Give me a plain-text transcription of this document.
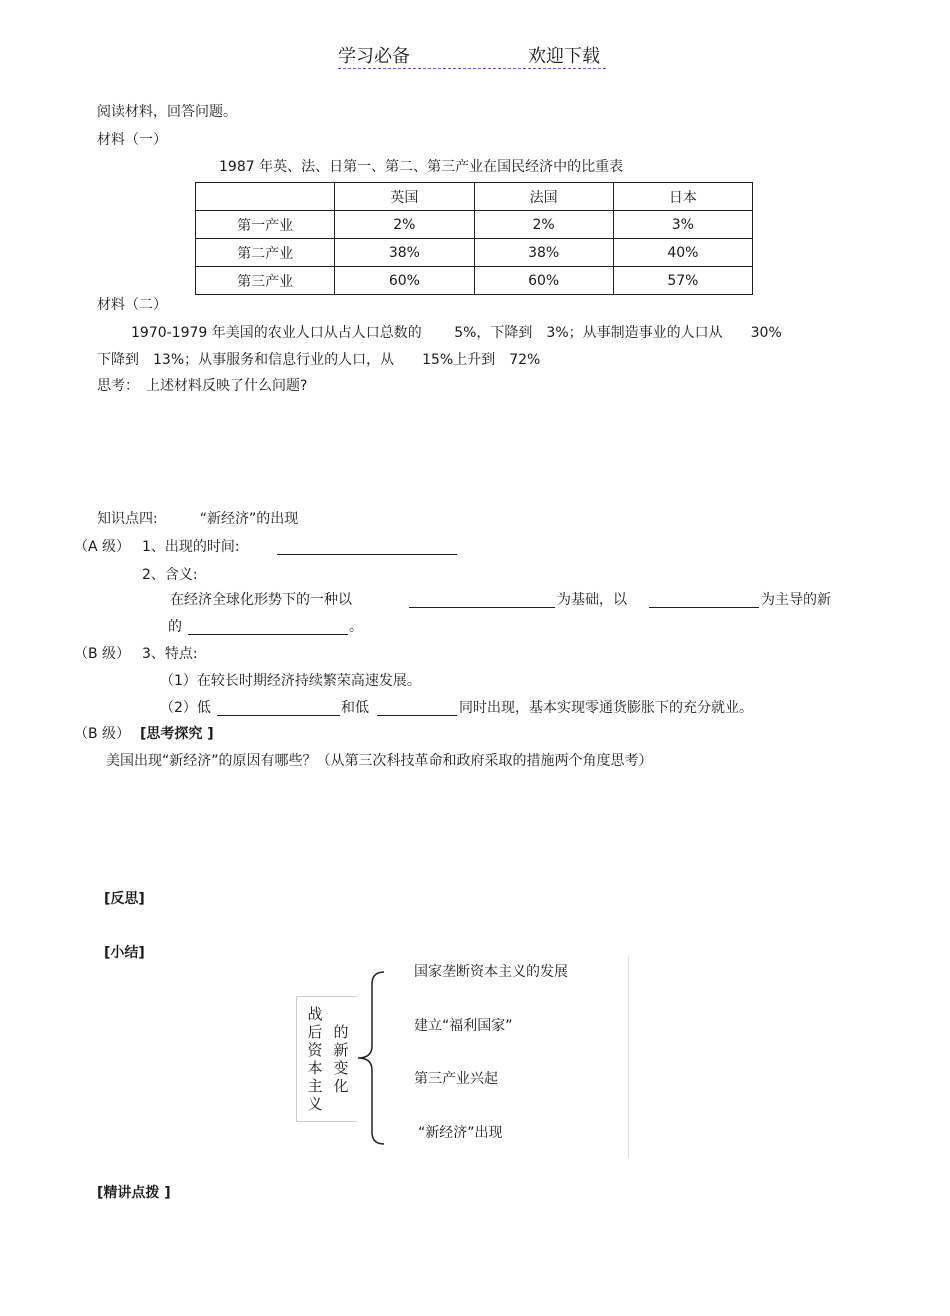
学习必备	欢迎下载
阅读材料，回答问题。
材料（一）
1987 年英、法、日第一、第二、第三产业在国民经济中的比重表
	英国	法国	日本
第一产业	2%	2%	3%
第二产业	38%	38%	40%
第三产业	60%	60%	57%
材料（二）
1970-1979 年美国的农业人口从占人口总数的　　 5%，下降到　3%；从事制造事业的人口从　　30%
下降到　13%；从事服务和信息行业的人口，从　　15%上升到　72%
思考：　上述材料反映了什么问题?
知识点四:　　　“新经济”的出现
（A 级） 1、出现的时间:
2、含义:
在经济全球化形势下的一种以	为基础，以	为主导的新
的	。
（B 级） 3、特点:
（1）在较长时期经济持续繁荣高速发展。
（2）低	和低	同时出现，基本实现零通货膨胀下的充分就业。
（B 级） [思考探究 ]
美国出现“新经济”的原因有哪些？（从第三次科技革命和政府采取的措施两个角度思考）
[反思]
[小结]
战后
资本
主义
的新变化
国家垄断资本主义的发展
建立“福利国家”
第三产业兴起
“新经济”出现
[精讲点拨 ]
